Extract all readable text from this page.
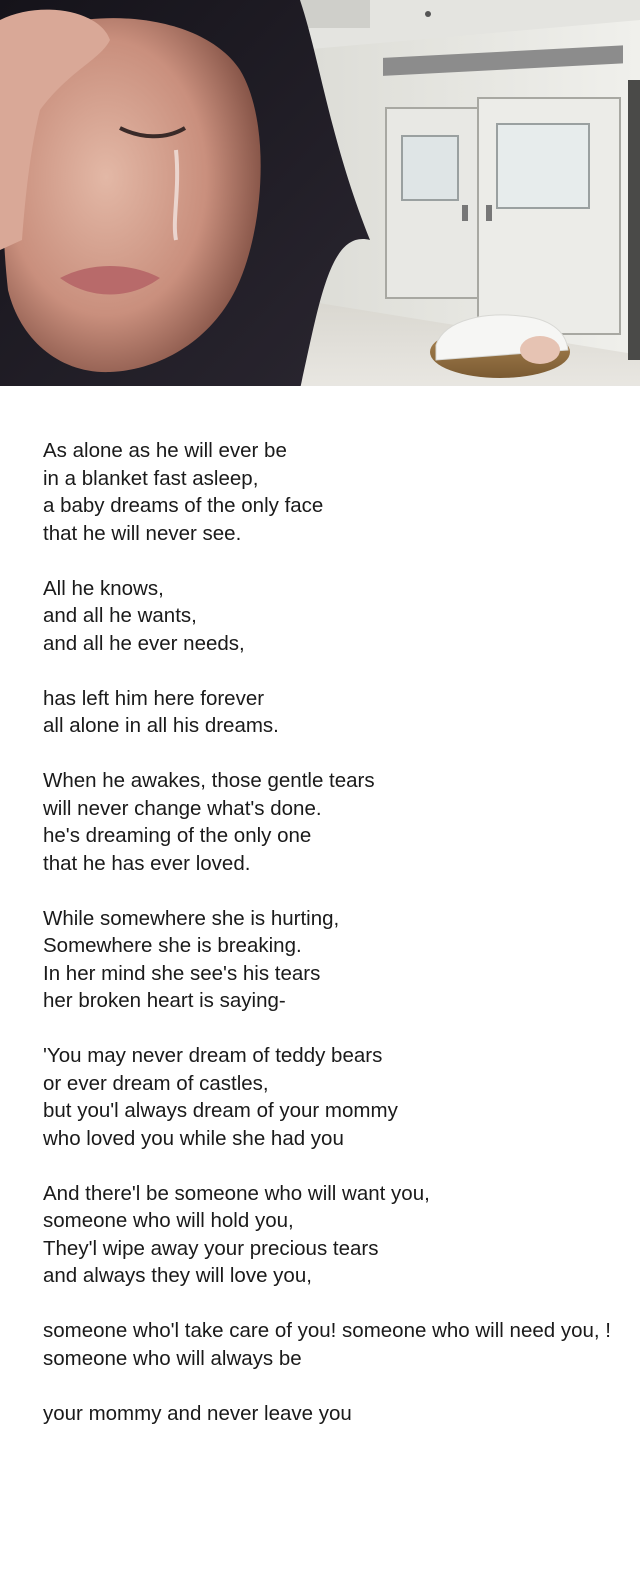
As alone as he will ever be
in a blanket fast asleep,
a baby dreams of the only face
that he will never see.
All he knows,
and all he wants,
and all he ever needs,
has left him here forever
all alone in all his dreams.
When he awakes, those gentle tears
will never change what's done.
he's dreaming of the only one
that he has ever loved.
While somewhere she is hurting,
Somewhere she is breaking.
In her mind she see's his tears
her broken heart is saying-
'You may never dream of teddy bears
or ever dream of castles,
but you'l always dream of your mommy
who loved you while she had you
And there'l be someone who will want you,
someone who will hold you,
They'l wipe away your precious tears
and always they will love you,
someone who'l take care of you! someone who will need you, !
someone who will always be
your mommy and never leave you
